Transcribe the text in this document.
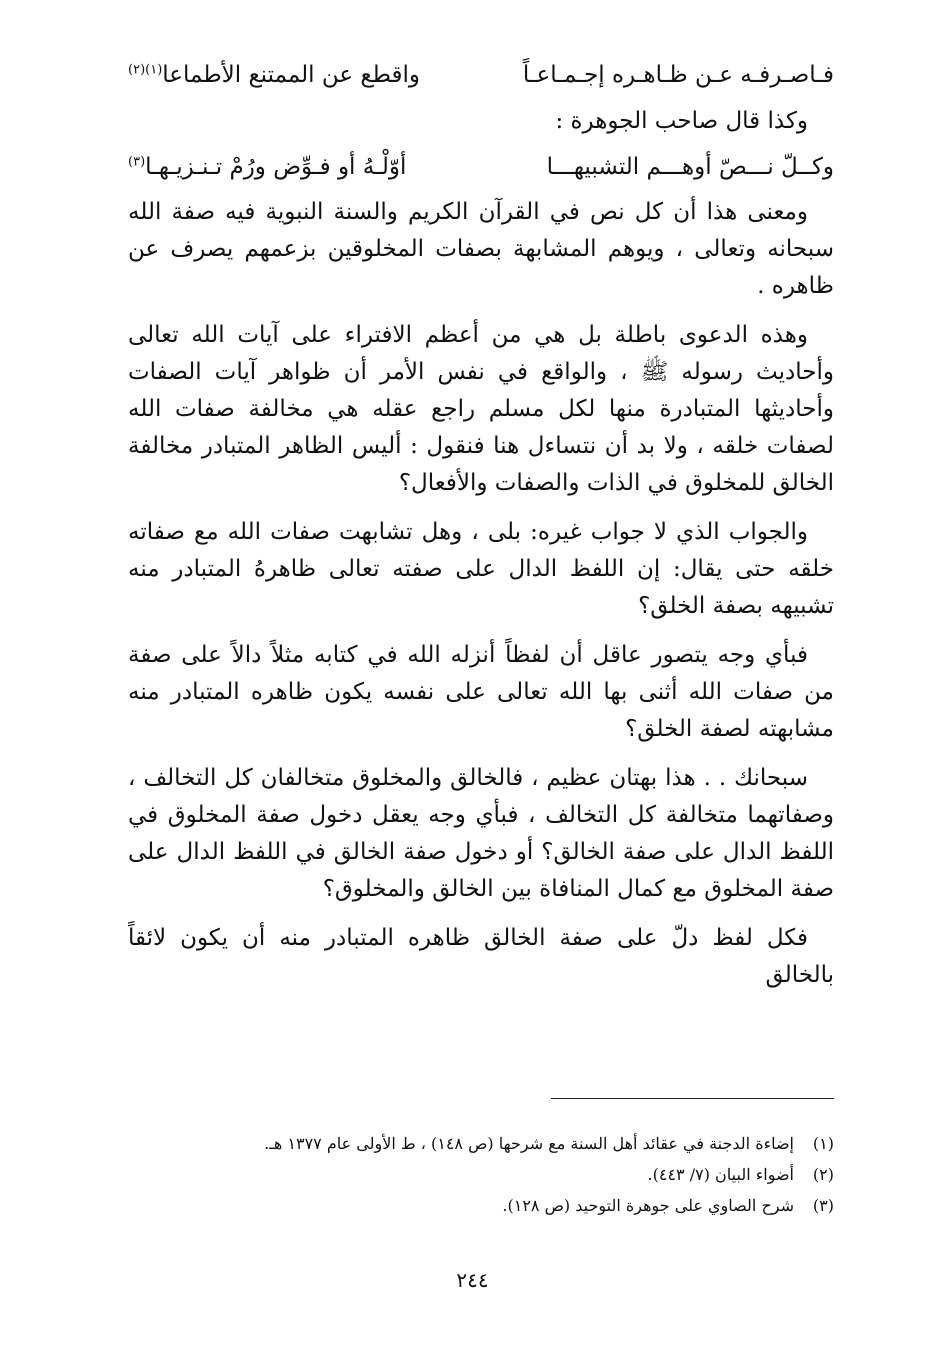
فـاصـرفـه عـن ظـاهـره إجـمـاعـاً
واقطع عن الممتنع الأطماعا$^{(١)(٢)}$
وكذا قال صاحب الجوهرة :
وكــلّ نـــصّ أوهـــم التشبيهـــا
أوّلْـهُ أو فـوِّض ورُمْ تـنـزيـهـا$^{(٣)}$

ومعنى هذا أن كل نص في القرآن الكريم والسنة النبوية فيه صفة الله سبحانه وتعالى ، ويوهم المشابهة بصفات المخلوقين بزعمهم يصرف عن ظاهره .

وهذه الدعوى باطلة بل هي من أعظم الافتراء على آيات الله تعالى وأحاديث رسوله ﷺ ، والواقع في نفس الأمر أن ظواهر آيات الصفات وأحاديثها المتبادرة منها لكل مسلم راجع عقله هي مخالفة صفات الله لصفات خلقه ، ولا بد أن نتساءل هنا فنقول : أليس الظاهر المتبادر مخالفة الخالق للمخلوق في الذات والصفات والأفعال؟

والجواب الذي لا جواب غيره: بلى ، وهل تشابهت صفات الله مع صفاته خلقه حتى يقال: إن اللفظ الدال على صفته تعالى ظاهرهُ المتبادر منه تشبيهه بصفة الخلق؟

فبأي وجه يتصور عاقل أن لفظاً أنزله الله في كتابه مثلاً دالاً على صفة من صفات الله أثنى بها الله تعالى على نفسه يكون ظاهره المتبادر منه مشابهته لصفة الخلق؟

سبحانك . . هذا بهتان عظيم ، فالخالق والمخلوق متخالفان كل التخالف ، وصفاتهما متخالفة كل التخالف ، فبأي وجه يعقل دخول صفة المخلوق في اللفظ الدال على صفة الخالق؟ أو دخول صفة الخالق في اللفظ الدال على صفة المخلوق مع كمال المنافاة بين الخالق والمخلوق؟

فكل لفظ دلّ على صفة الخالق ظاهره المتبادر منه أن يكون لائقاً بالخالق

(١)
إضاءة الدجنة في عقائد أهل السنة مع شرحها (ص ١٤٨) ، ط الأولى عام ١٣٧٧ هـ.
(٢)
أضواء البيان (٧/ ٤٤٣).
(٣)
شرح الصاوي على جوهرة التوحيد (ص ١٢٨).
٢٤٤
